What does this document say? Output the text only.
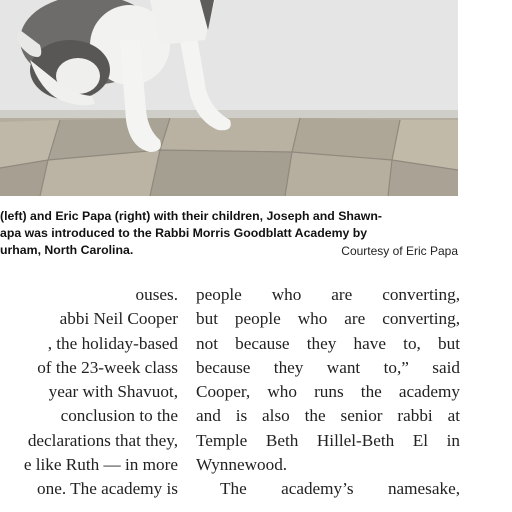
(left) and Eric Papa (right) with their children, Joseph and Shawn-
apa was introduced to the Rabbi Morris Goodblatt Academy by
urham, North Carolina.	Courtesy of Eric Papa
ouses.
abbi Neil Cooper
, the holiday-based
of the 23-week class
year with Shavuot,
conclusion to the
declarations that they,
e like Ruth — in more
one. The academy is
people who are converting,
but people who are converting,
not because they have to, but
because they want to,” said
Cooper, who runs the academy
and is also the senior rabbi at
Temple Beth Hillel-Beth El in
Wynnewood.
The academy’s namesake,
